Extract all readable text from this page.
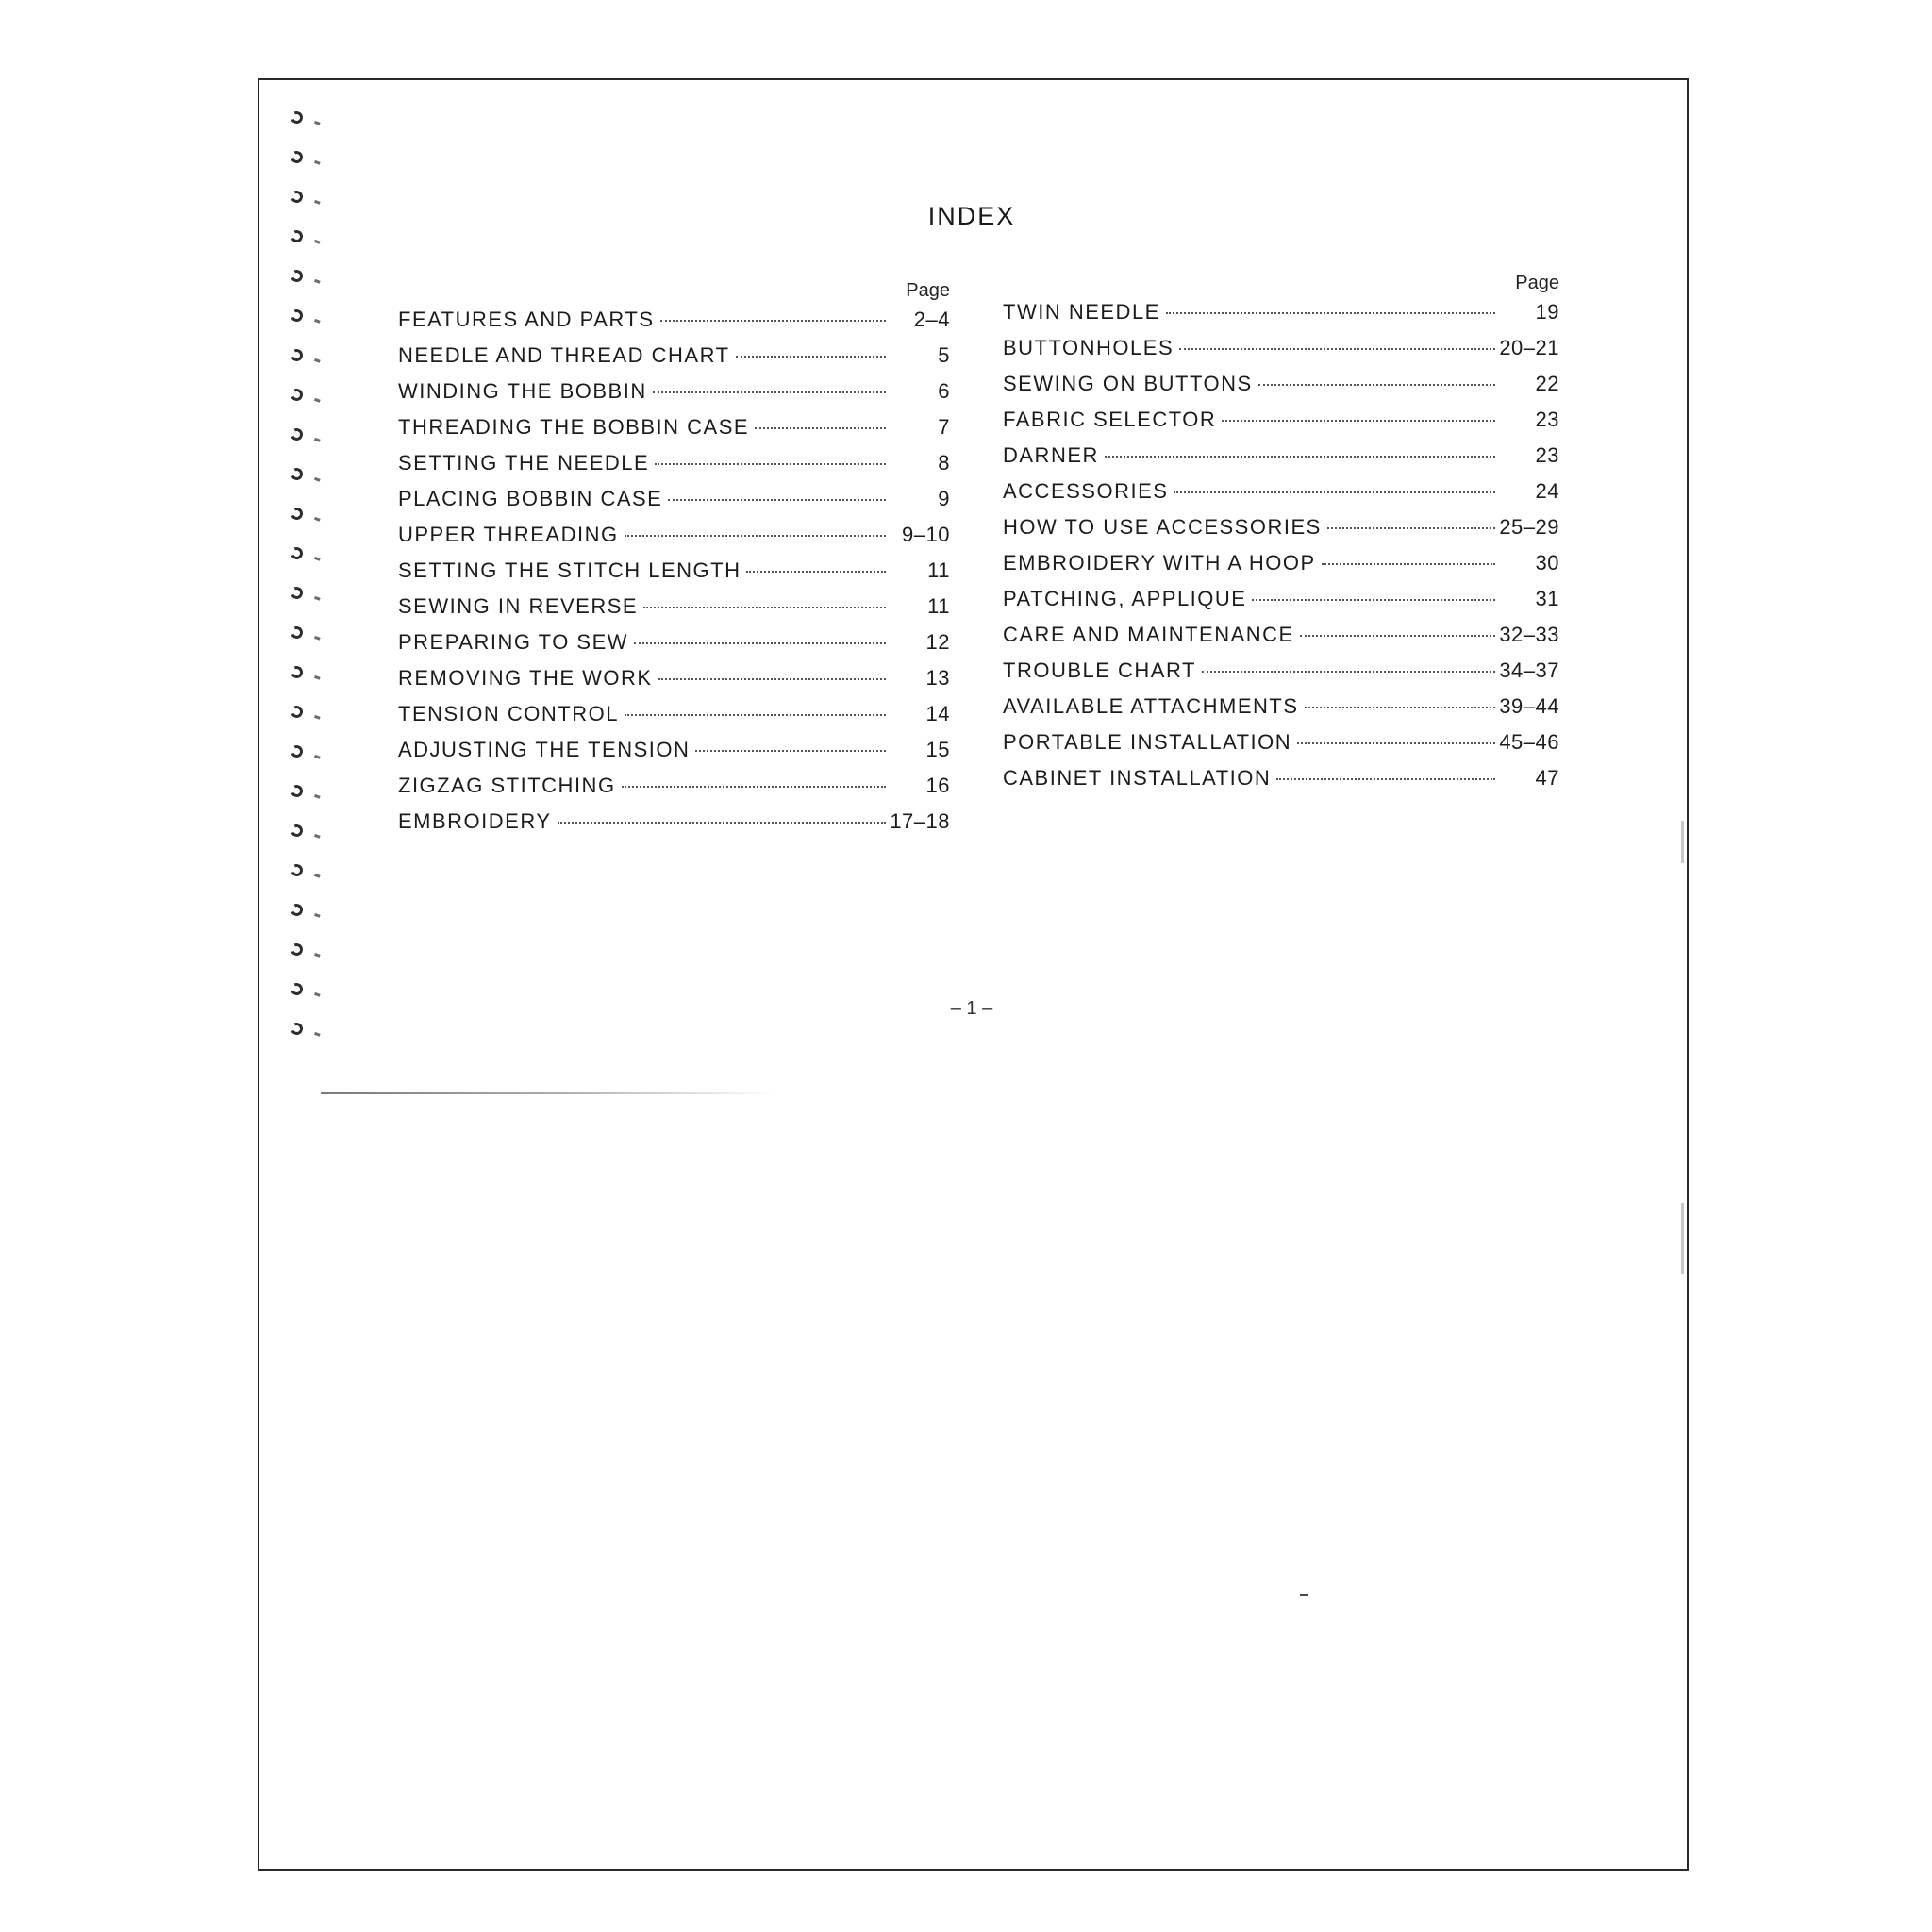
INDEX
Page
FEATURES AND PARTS	2–4
NEEDLE AND THREAD CHART	5
WINDING THE BOBBIN	6
THREADING THE BOBBIN CASE	7
SETTING THE NEEDLE	8
PLACING BOBBIN CASE	9
UPPER THREADING	9–10
SETTING THE STITCH LENGTH	11
SEWING IN REVERSE	11
PREPARING TO SEW	12
REMOVING THE WORK	13
TENSION CONTROL	14
ADJUSTING THE TENSION	15
ZIGZAG STITCHING	16
EMBROIDERY	17–18
Page
TWIN NEEDLE	19
BUTTONHOLES	20–21
SEWING ON BUTTONS	22
FABRIC SELECTOR	23
DARNER	23
ACCESSORIES	24
HOW TO USE ACCESSORIES	25–29
EMBROIDERY WITH A HOOP	30
PATCHING, APPLIQUE	31
CARE AND MAINTENANCE	32–33
TROUBLE CHART	34–37
AVAILABLE ATTACHMENTS	39–44
PORTABLE INSTALLATION	45–46
CABINET INSTALLATION	47
– 1 –
